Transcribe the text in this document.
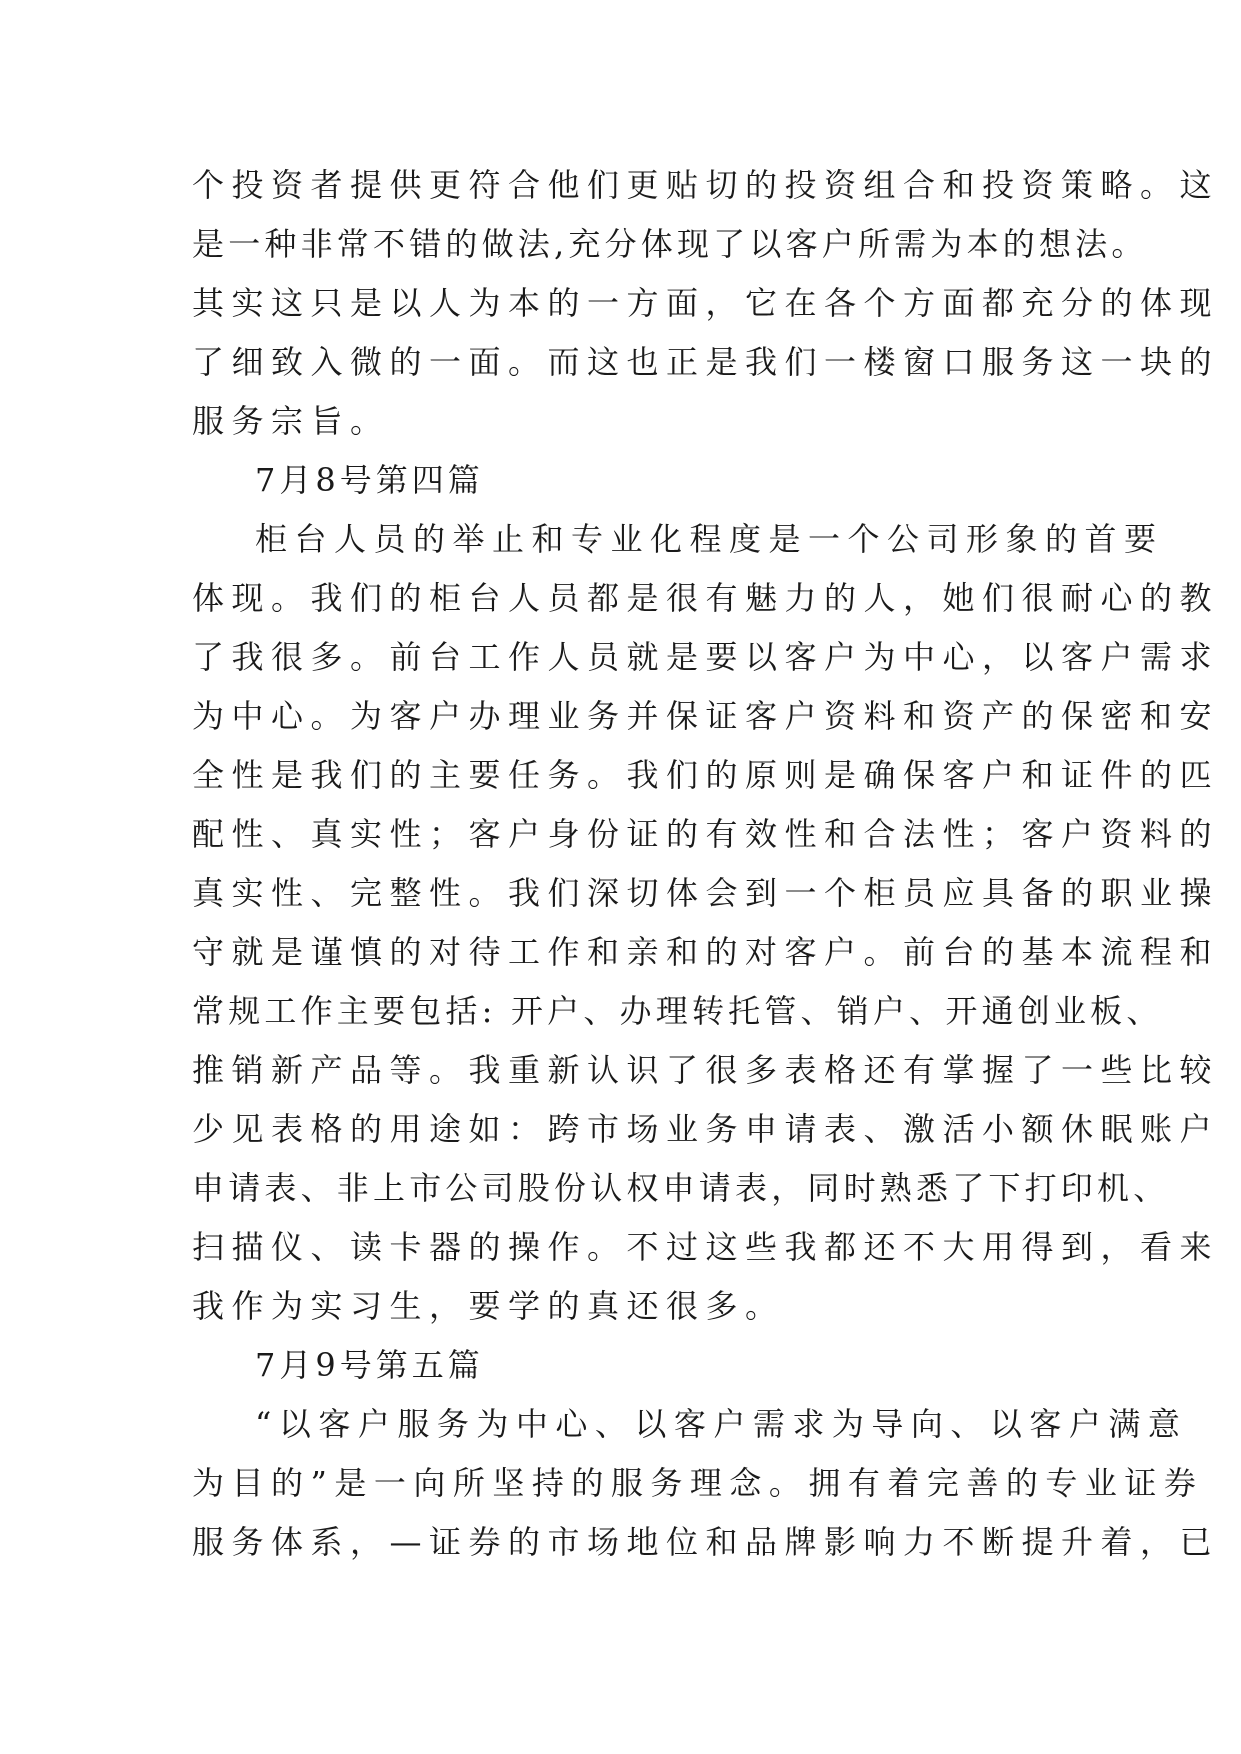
个投资者提供更符合他们更贴切的投资组合和投资策略。这
是一种非常不错的做法,充分体现了以客户所需为本的想法。
其实这只是以人为本的一方面，它在各个方面都充分的体现
了细致入微的一面。而这也正是我们一楼窗口服务这一块的
服务宗旨。
7月8号第四篇
柜台人员的举止和专业化程度是一个公司形象的首要
体现。我们的柜台人员都是很有魅力的人，她们很耐心的教
了我很多。前台工作人员就是要以客户为中心，以客户需求
为中心。为客户办理业务并保证客户资料和资产的保密和安
全性是我们的主要任务。我们的原则是确保客户和证件的匹
配性、真实性；客户身份证的有效性和合法性；客户资料的
真实性、完整性。我们深切体会到一个柜员应具备的职业操
守就是谨慎的对待工作和亲和的对客户。前台的基本流程和
常规工作主要包括: 开户、办理转托管、销户、开通创业板、
推销新产品等。我重新认识了很多表格还有掌握了一些比较
少见表格的用途如：跨市场业务申请表、激活小额休眠账户
申请表、非上市公司股份认权申请表，同时熟悉了下打印机、
扫描仪、读卡器的操作。不过这些我都还不大用得到，看来
我作为实习生，要学的真还很多。
7月9号第五篇
“以客户服务为中心、以客户需求为导向、以客户满意
为目的”是一向所坚持的服务理念。拥有着完善的专业证券
服务体系，—证券的市场地位和品牌影响力不断提升着，已
